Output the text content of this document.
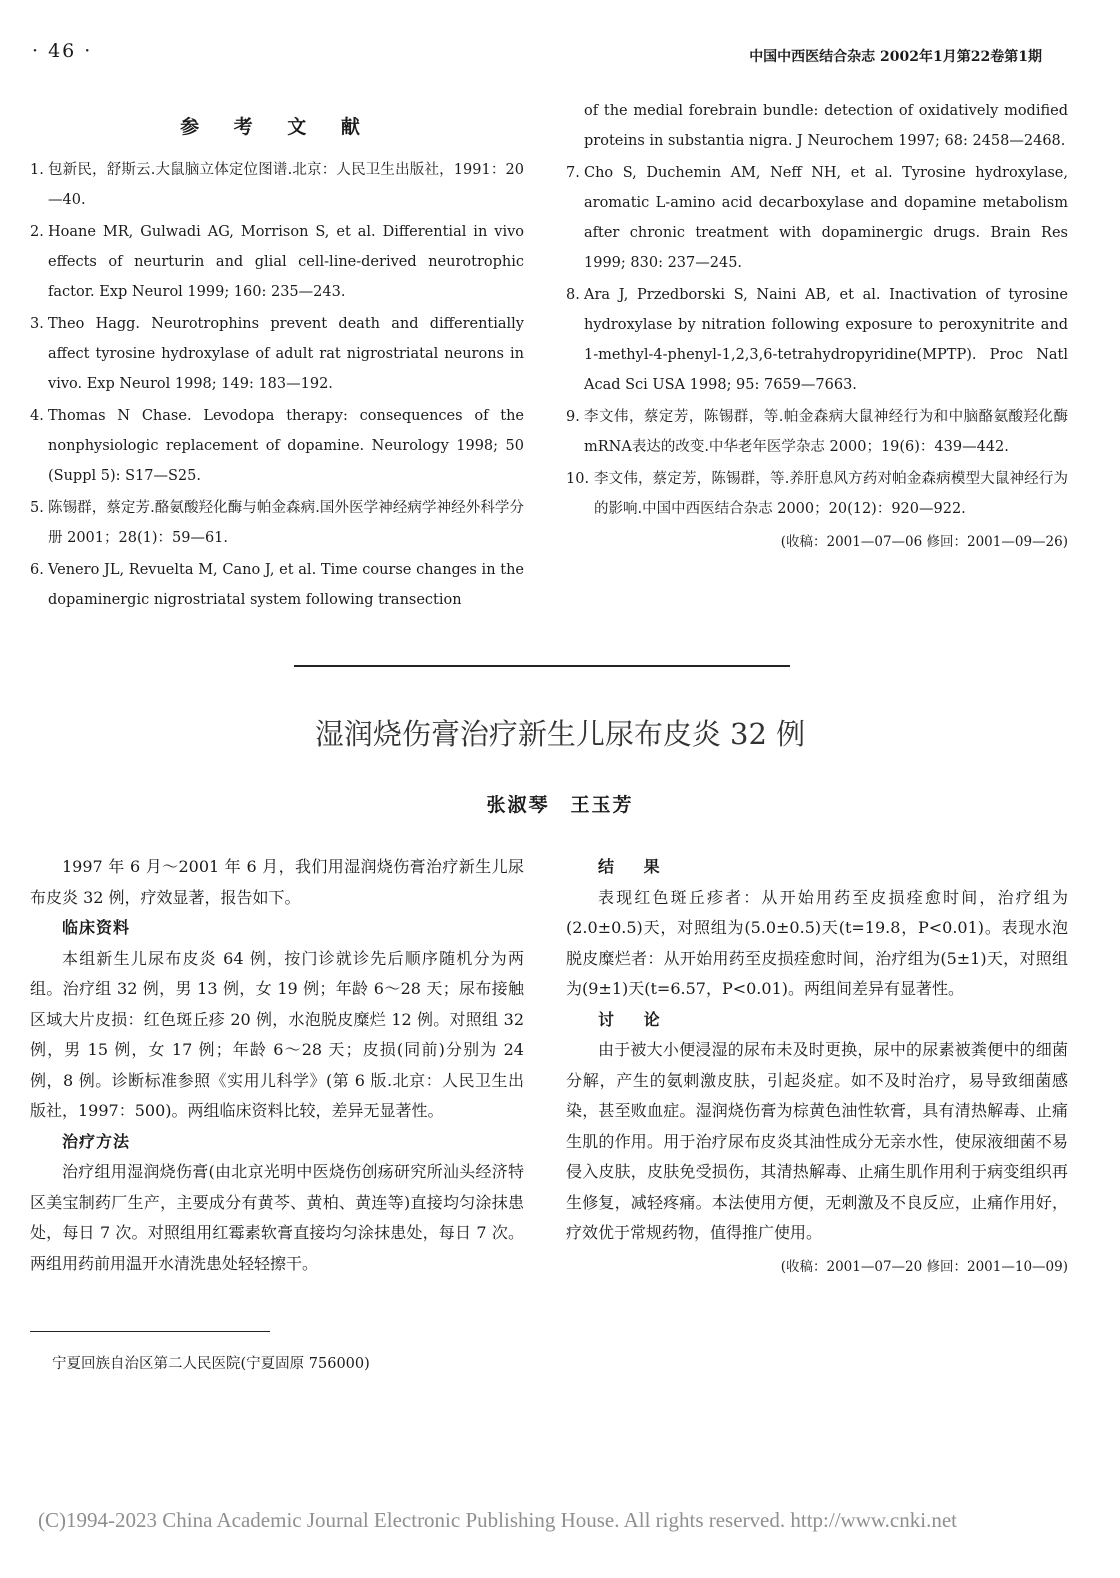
· 46 ·	中国中西医结合杂志 2002年1月第22卷第1期
参 考 文 献
1. 包新民，舒斯云.大鼠脑立体定位图谱.北京：人民卫生出版社，1991：20—40.
2. Hoane MR, Gulwadi AG, Morrison S, et al. Differential in vivo effects of neurturin and glial cell-line-derived neurotrophic factor. Exp Neurol 1999; 160: 235—243.
3. Theo Hagg. Neurotrophins prevent death and differentially affect tyrosine hydroxylase of adult rat nigrostriatal neurons in vivo. Exp Neurol 1998; 149: 183—192.
4. Thomas N Chase. Levodopa therapy: consequences of the nonphysiologic replacement of dopamine. Neurology 1998; 50 (Suppl 5): S17—S25.
5. 陈锡群，蔡定芳.酪氨酸羟化酶与帕金森病.国外医学神经病学神经外科学分册 2001；28(1)：59—61.
6. Venero JL, Revuelta M, Cano J, et al. Time course changes in the dopaminergic nigrostriatal system following transection
of the medial forebrain bundle: detection of oxidatively modified proteins in substantia nigra. J Neurochem 1997; 68: 2458—2468.
7. Cho S, Duchemin AM, Neff NH, et al. Tyrosine hydroxylase, aromatic L-amino acid decarboxylase and dopamine metabolism after chronic treatment with dopaminergic drugs. Brain Res 1999; 830: 237—245.
8. Ara J, Przedborski S, Naini AB, et al. Inactivation of tyrosine hydroxylase by nitration following exposure to peroxynitrite and 1-methyl-4-phenyl-1,2,3,6-tetrahydropyridine(MPTP). Proc Natl Acad Sci USA 1998; 95: 7659—7663.
9. 李文伟，蔡定芳，陈锡群，等.帕金森病大鼠神经行为和中脑酪氨酸羟化酶mRNA表达的改变.中华老年医学杂志 2000；19(6)：439—442.
10. 李文伟，蔡定芳，陈锡群，等.养肝息风方药对帕金森病模型大鼠神经行为的影响.中国中西医结合杂志 2000；20(12)：920—922.
(收稿：2001—07—06 修回：2001—09—26)
湿润烧伤膏治疗新生儿尿布皮炎 32 例
张淑琴　王玉芳

1997 年 6 月～2001 年 6 月，我们用湿润烧伤膏治疗新生儿尿布皮炎 32 例，疗效显著，报告如下。

临床资料

本组新生儿尿布皮炎 64 例，按门诊就诊先后顺序随机分为两组。治疗组 32 例，男 13 例，女 19 例；年龄 6～28 天；尿布接触区域大片皮损：红色斑丘疹 20 例，水泡脱皮糜烂 12 例。对照组 32 例，男 15 例，女 17 例；年龄 6～28 天；皮损(同前)分别为 24 例，8 例。诊断标准参照《实用儿科学》(第 6 版.北京：人民卫生出版社，1997：500)。两组临床资料比较，差异无显著性。

治疗方法

治疗组用湿润烧伤膏(由北京光明中医烧伤创疡研究所汕头经济特区美宝制药厂生产，主要成分有黄芩、黄柏、黄连等)直接均匀涂抹患处，每日 7 次。对照组用红霉素软膏直接均匀涂抹患处，每日 7 次。两组用药前用温开水清洗患处轻轻擦干。

结 果

表现红色斑丘疹者：从开始用药至皮损痊愈时间，治疗组为(2.0±0.5)天，对照组为(5.0±0.5)天(t=19.8，P<0.01)。表现水泡脱皮糜烂者：从开始用药至皮损痊愈时间，治疗组为(5±1)天，对照组为(9±1)天(t=6.57，P<0.01)。两组间差异有显著性。

讨 论

由于被大小便浸湿的尿布未及时更换，尿中的尿素被粪便中的细菌分解，产生的氨刺激皮肤，引起炎症。如不及时治疗，易导致细菌感染，甚至败血症。湿润烧伤膏为棕黄色油性软膏，具有清热解毒、止痛生肌的作用。用于治疗尿布皮炎其油性成分无亲水性，使尿液细菌不易侵入皮肤，皮肤免受损伤，其清热解毒、止痛生肌作用利于病变组织再生修复，减轻疼痛。本法使用方便，无刺激及不良反应，止痛作用好，疗效优于常规药物，值得推广使用。

(收稿：2001—07—20 修回：2001—10—09)
宁夏回族自治区第二人民医院(宁夏固原 756000)
(C)1994-2023 China Academic Journal Electronic Publishing House. All rights reserved. http://www.cnki.net
